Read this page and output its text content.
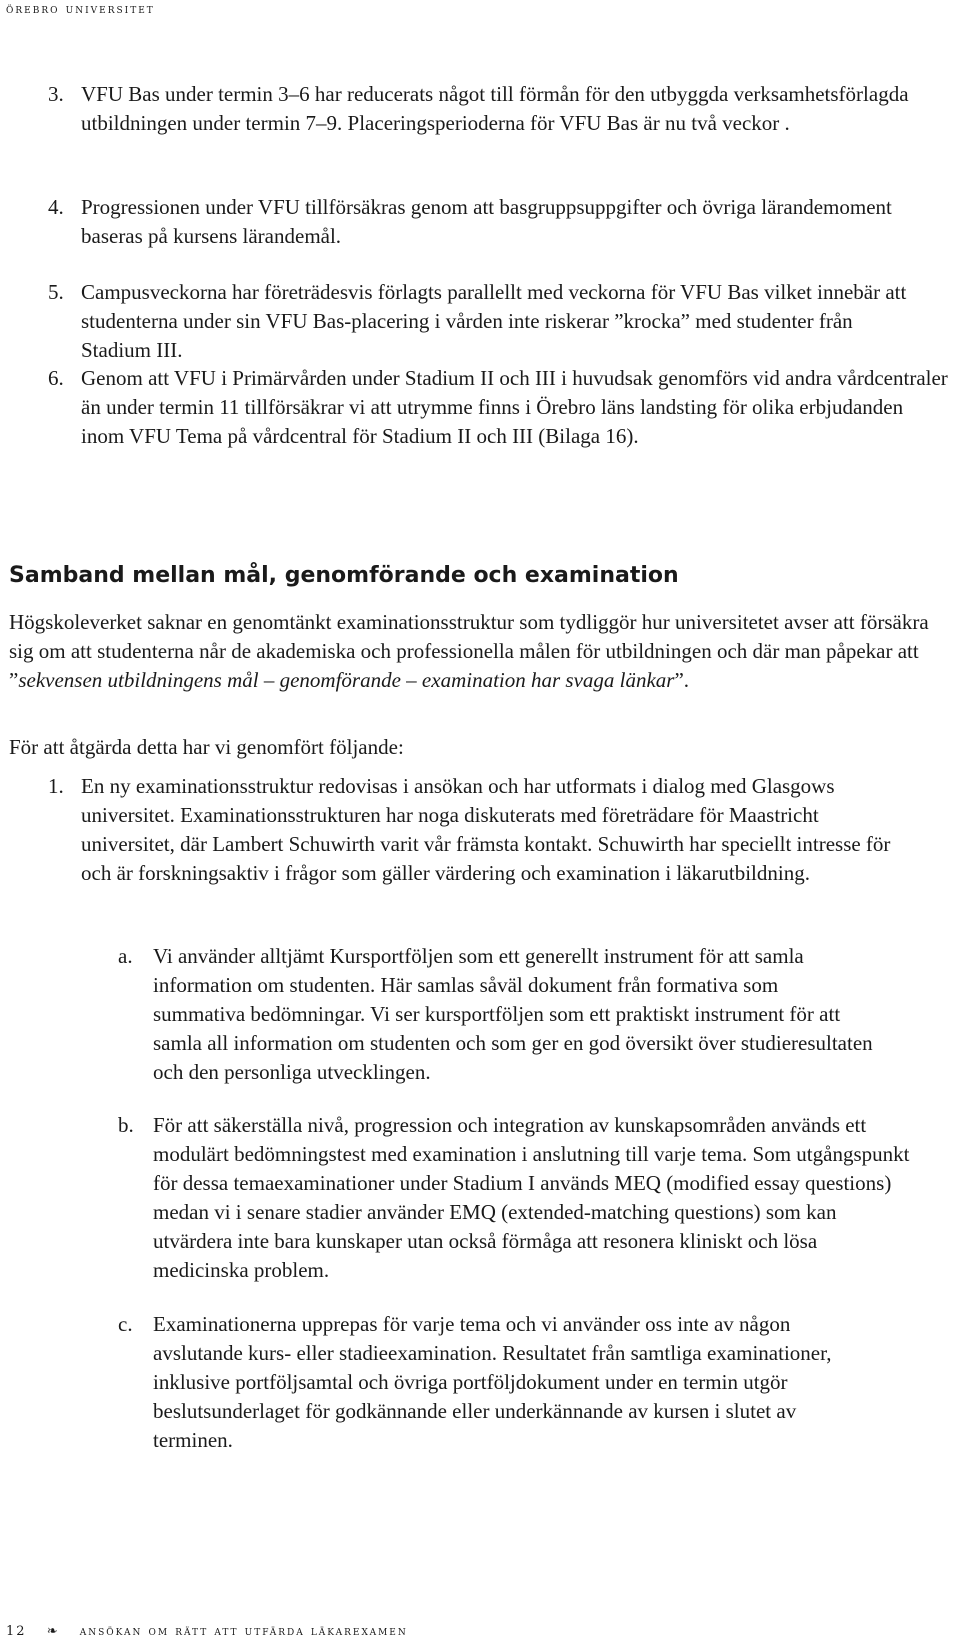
örebro universitet
3. VFU Bas under termin 3–6 har reducerats något till förmån för den utbyggda verksamhetsförlagda utbildningen under termin 7–9. Placeringsperioderna för VFU Bas är nu två veckor .
4. Progressionen under VFU tillförsäkras genom att basgruppsuppgifter och övriga lärandemoment baseras på kursens lärandemål.
5. Campusveckorna har företrädesvis förlagts parallellt med veckorna för VFU Bas vilket innebär att studenterna under sin VFU Bas-placering i vården inte riskerar ”krocka” med studenter från Stadium III.
6. Genom att VFU i Primärvården under Stadium II och III i huvudsak genomförs vid andra vårdcentraler än under termin 11 tillförsäkrar vi att utrymme finns i Örebro läns landsting för olika erbjudanden inom VFU Tema på vårdcentral för Stadium II och III (Bilaga 16).
Samband mellan mål, genomförande och examination
Högskoleverket saknar en genomtänkt examinationsstruktur som tydliggör hur universitetet avser att försäkra sig om att studenterna når de akademiska och professionella målen för utbildningen och där man påpekar att ”sekvensen utbildningens mål – genomförande – examination har svaga länkar”.
För att åtgärda detta har vi genomfört följande:
1. En ny examinationsstruktur redovisas i ansökan och har utformats i dialog med Glasgows universitet. Examinationsstrukturen har noga diskuterats med företrädare för Maastricht universitet, där Lambert Schuwirth varit vår främsta kontakt. Schuwirth har speciellt intresse för och är forskningsaktiv i frågor som gäller värdering och examination i läkarutbildning.
a. Vi använder alltjämt Kursportföljen som ett generellt instrument för att samla information om studenten. Här samlas såväl dokument från formativa som summativa bedömningar. Vi ser kursportföljen som ett praktiskt instrument för att samla all information om studenten och som ger en god översikt över studieresultaten och den personliga utvecklingen.
b. För att säkerställa nivå, progression och integration av kunskapsområden används ett modulärt bedömningstest med examination i anslutning till varje tema. Som utgångspunkt för dessa temaexaminationer under Stadium I används MEQ (modified essay questions) medan vi i senare stadier använder EMQ (extended-matching questions) som kan utvärdera inte bara kunskaper utan också förmåga att resonera kliniskt och lösa medicinska problem.
c. Examinationerna upprepas för varje tema och vi använder oss inte av någon avslutande kurs- eller stadieexamination. Resultatet från samtliga examinationer, inklusive portföljsamtal och övriga portföljdokument under en termin utgör beslutsunderlaget för godkännande eller underkännande av kursen i slutet av terminen.
12 ❧ ansökan om rätt att utfärda läkarexamen
